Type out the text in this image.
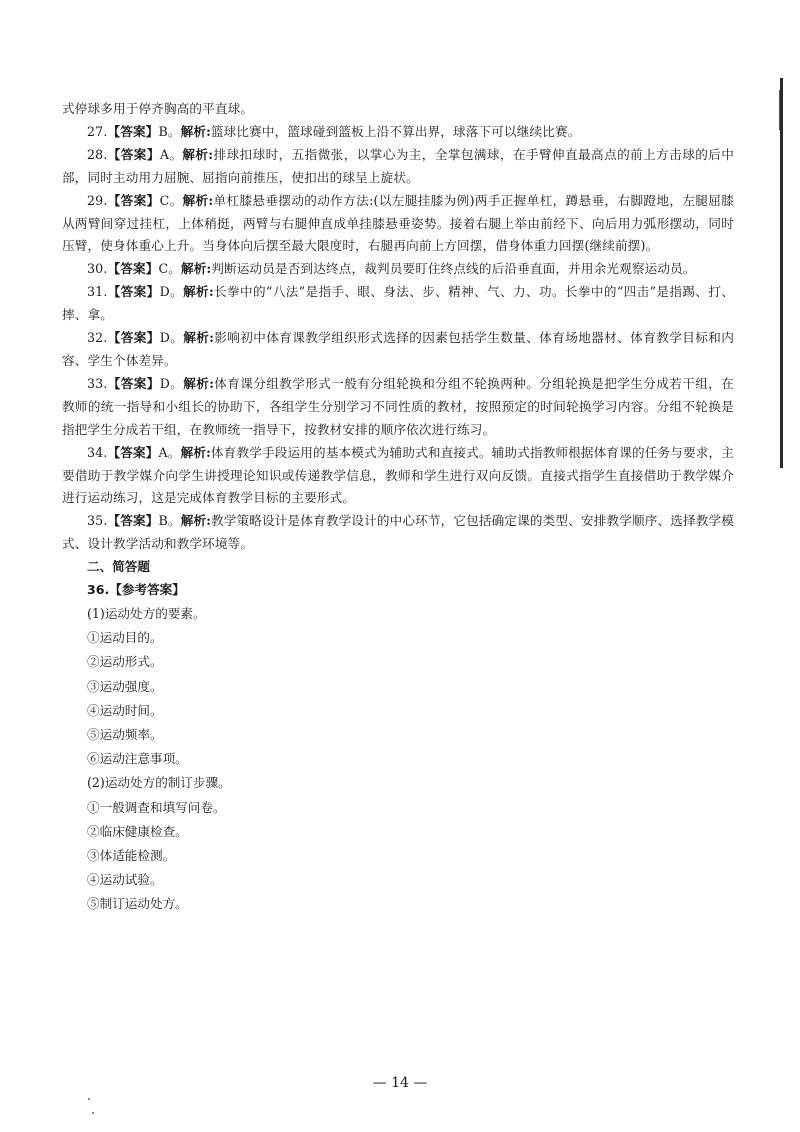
式停球多用于停齐胸高的平直球。

27.【答案】B。解析:篮球比赛中，篮球碰到篮板上沿不算出界，球落下可以继续比赛。

28.【答案】A。解析:排球扣球时，五指微张，以掌心为主，全掌包满球，在手臂伸直最高点的前上方击球的后中部，同时主动用力屈腕、屈指向前推压，使扣出的球呈上旋状。

29.【答案】C。解析:单杠膝悬垂摆动的动作方法:(以左腿挂膝为例)两手正握单杠，蹲悬垂，右脚蹬地，左腿屈膝从两臂间穿过挂杠，上体稍挺，两臂与右腿伸直成单挂膝悬垂姿势。接着右腿上举由前经下、向后用力弧形摆动，同时压臂，使身体重心上升。当身体向后摆至最大限度时，右腿再向前上方回摆，借身体重力回摆(继续前摆)。

30.【答案】C。解析:判断运动员是否到达终点，裁判员要盯住终点线的后沿垂直面，并用余光观察运动员。

31.【答案】D。解析:长拳中的“八法”是指手、眼、身法、步、精神、气、力、功。长拳中的“四击”是指踢、打、摔、拿。

32.【答案】D。解析:影响初中体育课教学组织形式选择的因素包括学生数量、体育场地器材、体育教学目标和内容、学生个体差异。

33.【答案】D。解析:体育课分组教学形式一般有分组轮换和分组不轮换两种。分组轮换是把学生分成若干组，在教师的统一指导和小组长的协助下，各组学生分别学习不同性质的教材，按照预定的时间轮换学习内容。分组不轮换是指把学生分成若干组，在教师统一指导下，按教材安排的顺序依次进行练习。

34.【答案】A。解析:体育教学手段运用的基本模式为辅助式和直接式。辅助式指教师根据体育课的任务与要求，主要借助于教学媒介向学生讲授理论知识或传递教学信息，教师和学生进行双向反馈。直接式指学生直接借助于教学媒介进行运动练习，这是完成体育教学目标的主要形式。

35.【答案】B。解析:教学策略设计是体育教学设计的中心环节，它包括确定课的类型、安排教学顺序、选择教学模式、设计教学活动和教学环境等。

二、简答题

36.【参考答案】

(1)运动处方的要素。

①运动目的。

②运动形式。

③运动强度。

④运动时间。

⑤运动频率。

⑥运动注意事项。

(2)运动处方的制订步骤。

①一般调查和填写问卷。

②临床健康检查。

③体适能检测。

④运动试验。

⑤制订运动处方。

— 14 —
